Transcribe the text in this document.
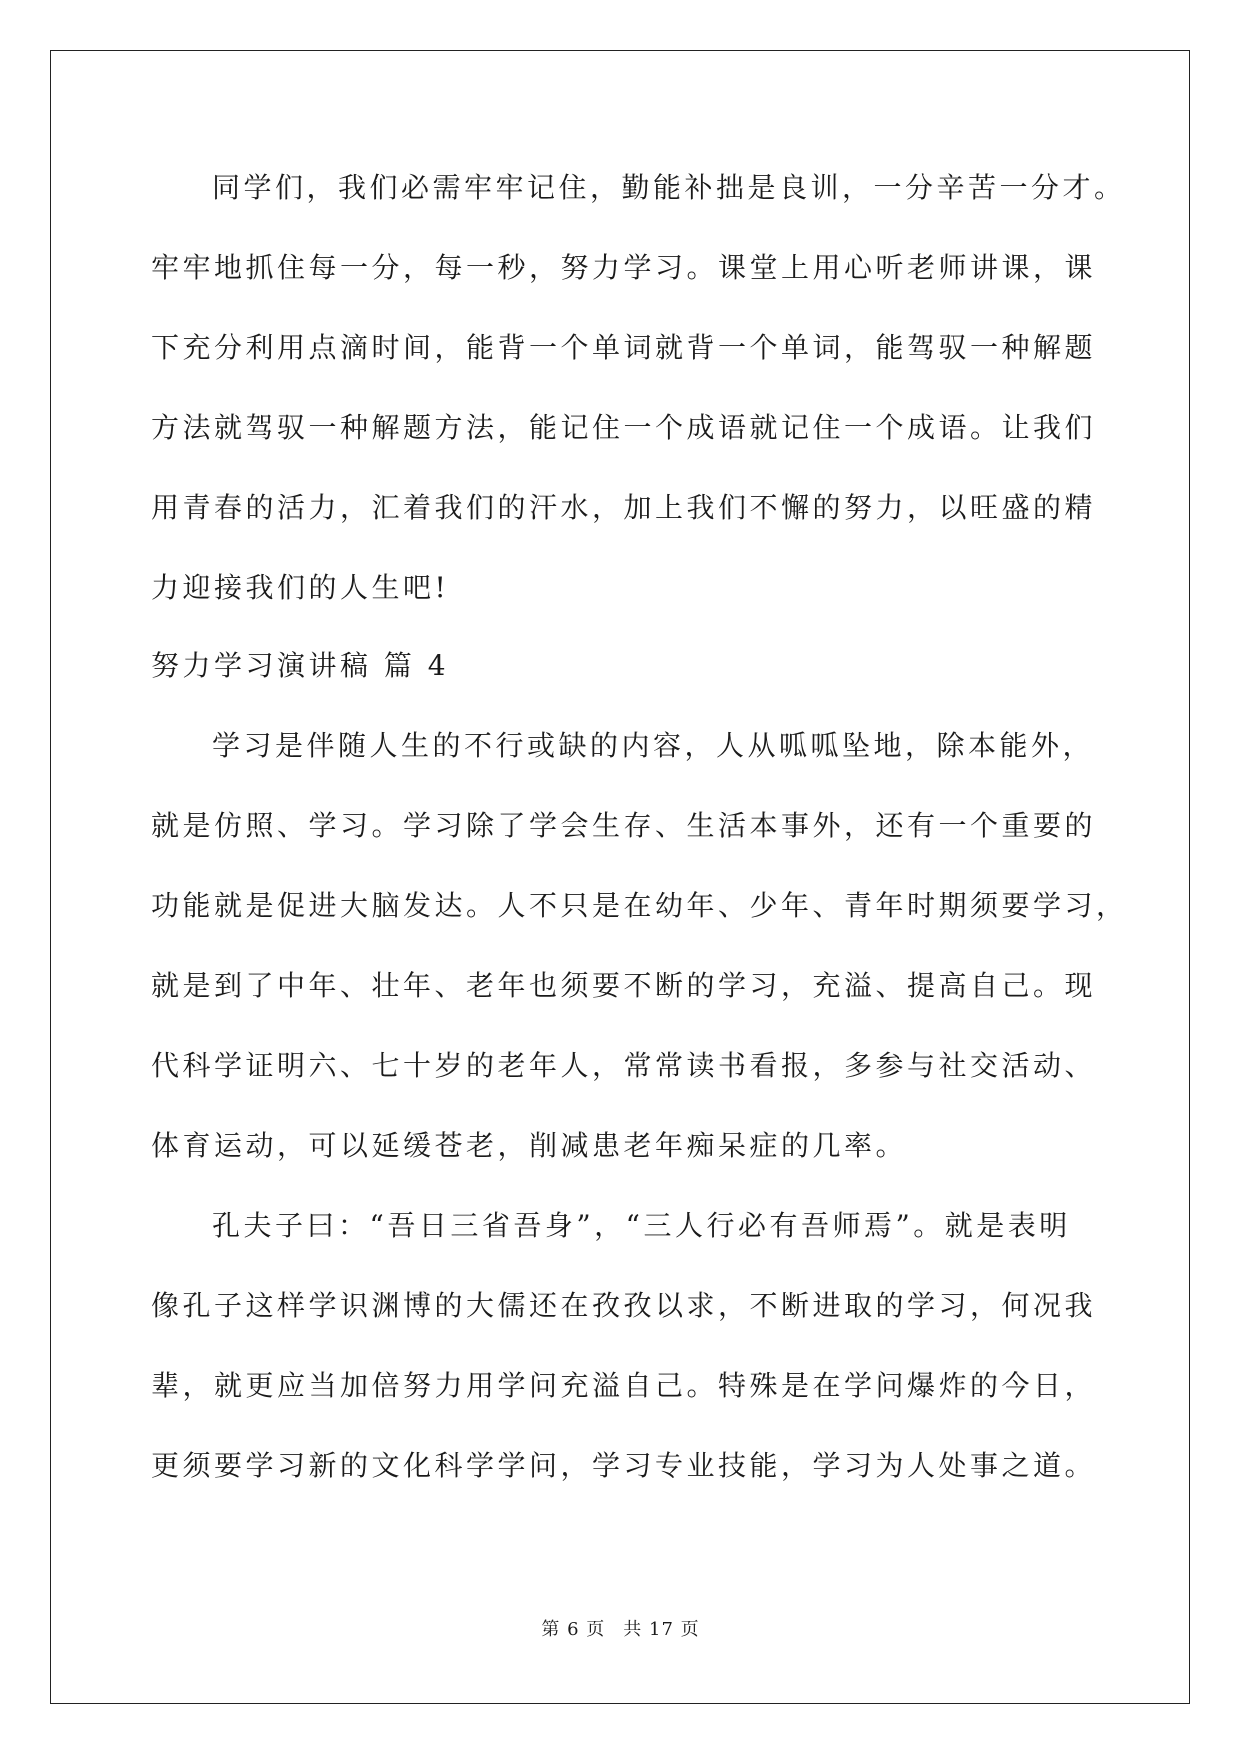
同学们，我们必需牢牢记住，勤能补拙是良训，一分辛苦一分才。
牢牢地抓住每一分，每一秒，努力学习。课堂上用心听老师讲课，课
下充分利用点滴时间，能背一个单词就背一个单词，能驾驭一种解题
方法就驾驭一种解题方法，能记住一个成语就记住一个成语。让我们
用青春的活力，汇着我们的汗水，加上我们不懈的努力，以旺盛的精
力迎接我们的人生吧!
努力学习演讲稿 篇 4
学习是伴随人生的不行或缺的内容，人从呱呱坠地，除本能外，
就是仿照、学习。学习除了学会生存、生活本事外，还有一个重要的
功能就是促进大脑发达。人不只是在幼年、少年、青年时期须要学习，
就是到了中年、壮年、老年也须要不断的学习，充溢、提高自己。现
代科学证明六、七十岁的老年人，常常读书看报，多参与社交活动、
体育运动，可以延缓苍老，削减患老年痴呆症的几率。
孔夫子曰：“吾日三省吾身”，“三人行必有吾师焉”。就是表明
像孔子这样学识渊博的大儒还在孜孜以求，不断进取的学习，何况我
辈，就更应当加倍努力用学问充溢自己。特殊是在学问爆炸的今日，
更须要学习新的文化科学学问，学习专业技能，学习为人处事之道。
第 6 页 共 17 页
